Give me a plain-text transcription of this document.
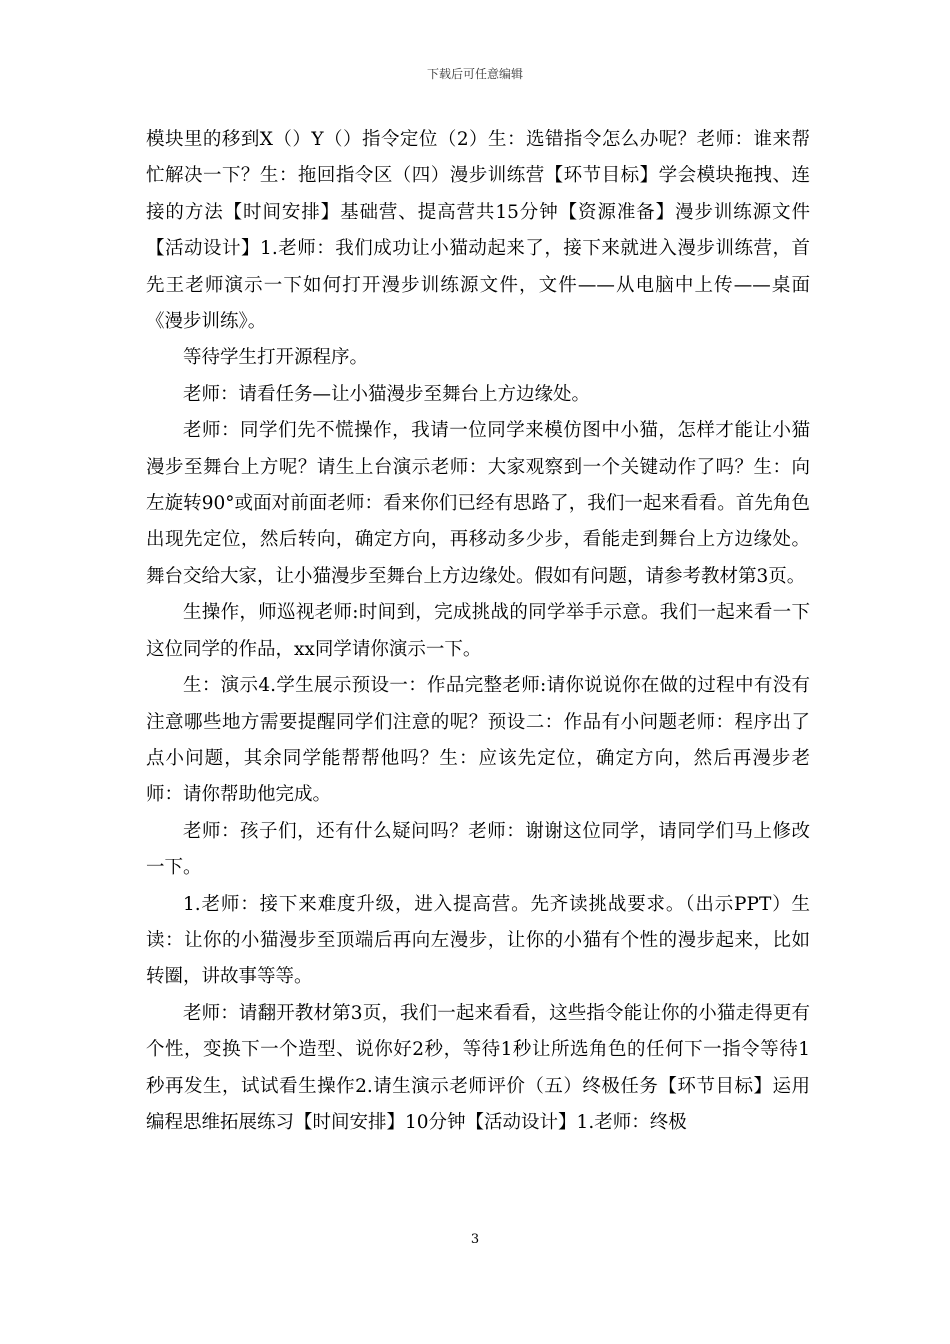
下载后可任意编辑

模块里的移到X（）Y（）指令定位（2）生：选错指令怎么办呢？老师：谁来帮忙解决一下？生：拖回指令区（四）漫步训练营【环节目标】学会模块拖拽、连接的方法【时间安排】基础营、提高营共15分钟【资源准备】漫步训练源文件【活动设计】1.老师：我们成功让小猫动起来了，接下来就进入漫步训练营，首先王老师演示一下如何打开漫步训练源文件，文件——从电脑中上传——桌面《漫步训练》。

等待学生打开源程序。

老师：请看任务—让小猫漫步至舞台上方边缘处。

老师：同学们先不慌操作，我请一位同学来模仿图中小猫，怎样才能让小猫漫步至舞台上方呢？请生上台演示老师：大家观察到一个关键动作了吗？生：向左旋转90°或面对前面老师：看来你们已经有思路了，我们一起来看看。首先角色出现先定位，然后转向，确定方向，再移动多少步，看能走到舞台上方边缘处。舞台交给大家，让小猫漫步至舞台上方边缘处。假如有问题，请参考教材第3页。

生操作，师巡视老师:时间到，完成挑战的同学举手示意。我们一起来看一下这位同学的作品，xx同学请你演示一下。

生：演示4.学生展示预设一：作品完整老师:请你说说你在做的过程中有没有注意哪些地方需要提醒同学们注意的呢？预设二：作品有小问题老师：程序出了点小问题，其余同学能帮帮他吗？生：应该先定位，确定方向，然后再漫步老师：请你帮助他完成。

老师：孩子们，还有什么疑问吗？老师：谢谢这位同学，请同学们马上修改一下。

1.老师：接下来难度升级，进入提高营。先齐读挑战要求。（出示PPT）生读：让你的小猫漫步至顶端后再向左漫步，让你的小猫有个性的漫步起来，比如转圈，讲故事等等。

老师：请翻开教材第3页，我们一起来看看，这些指令能让你的小猫走得更有个性，变换下一个造型、说你好2秒，等待1秒让所选角色的任何下一指令等待1秒再发生，试试看生操作2.请生演示老师评价（五）终极任务【环节目标】运用编程思维拓展练习【时间安排】10分钟【活动设计】1.老师：终极

3
